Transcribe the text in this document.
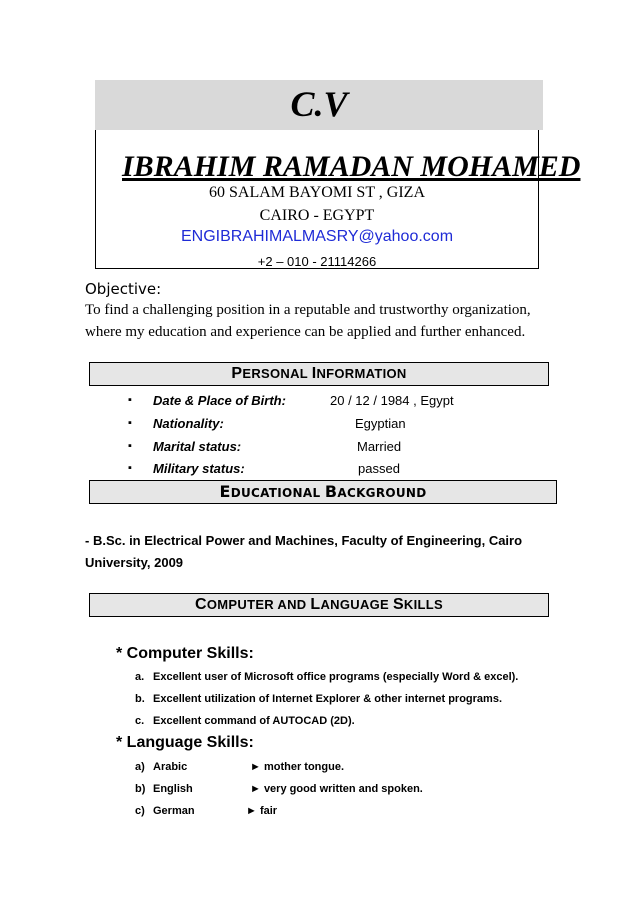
C.V
IBRAHIM RAMADAN MOHAMED
60 SALAM BAYOMI ST , GIZA
CAIRO - EGYPT
ENGIBRAHIMALMASRY@yahoo.com
+2 – 010 - 21114266
Objective:
To find a challenging position in a reputable and trustworthy organization, where my education and experience can be applied and further enhanced.
PERSONAL INFORMATION
▪ Date & Place of Birth:	20 / 12 / 1984 , Egypt
▪ Nationality:	Egyptian
▪ Marital status:	Married
▪ Military status:	passed
EDUCATIONAL BACKGROUND
- B.Sc. in Electrical Power and Machines, Faculty of Engineering, Cairo University, 2009
COMPUTER AND LANGUAGE SKILLS
* Computer Skills:
a. Excellent user of Microsoft office programs (especially Word & excel).
b. Excellent utilization of Internet Explorer & other internet programs.
c. Excellent command of AUTOCAD (2D).
* Language Skills:
a) Arabic	► mother tongue.
b) English	► very good written and spoken.
c) German	► fair
